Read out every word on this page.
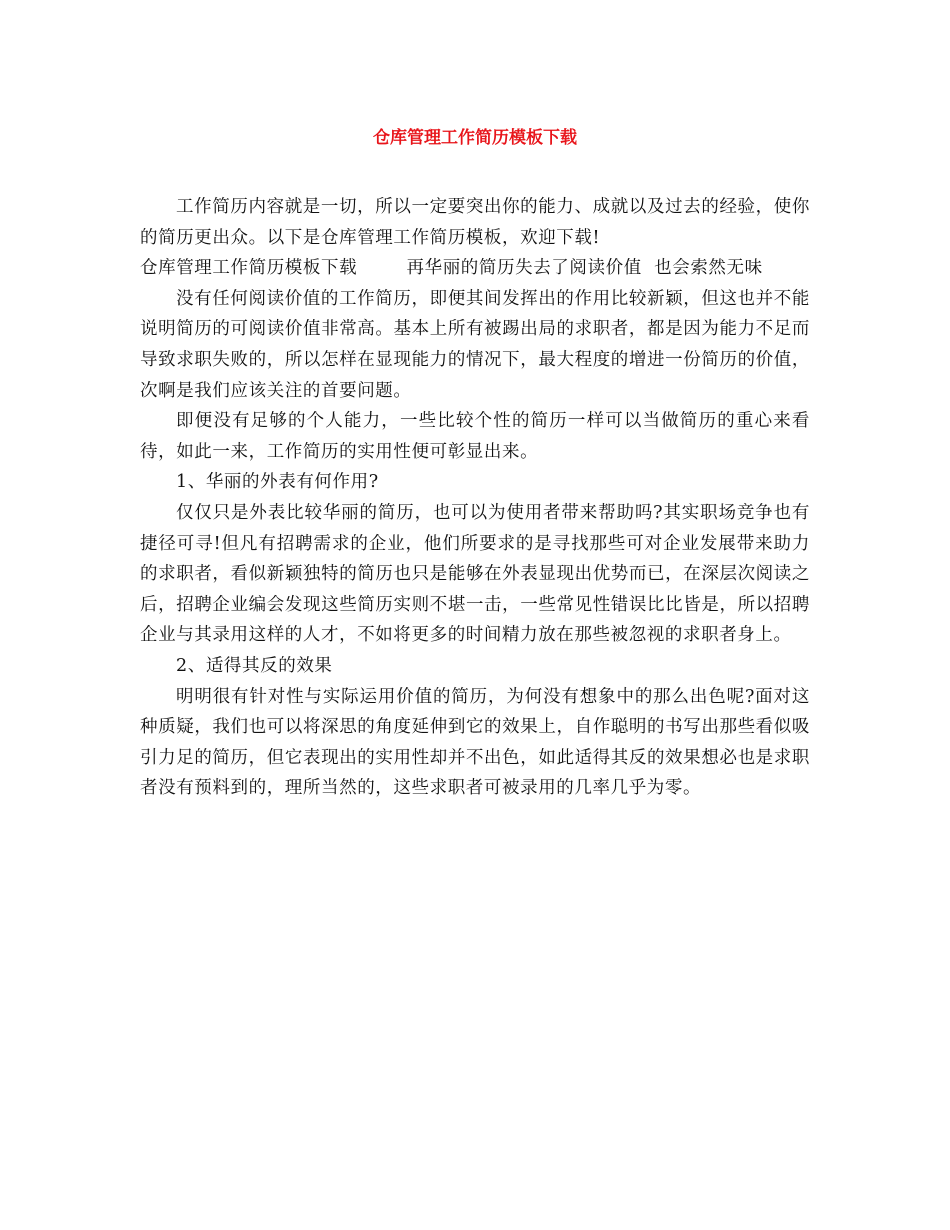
仓库管理工作简历模板下载

工作简历内容就是一切，所以一定要突出你的能力、成就以及过去的经验，使你的简历更出众。以下是仓库管理工作简历模板，欢迎下载!

仓库管理工作简历模板下载        再华丽的简历失去了阅读价值  也会索然无味

没有任何阅读价值的工作简历，即便其间发挥出的作用比较新颖，但这也并不能说明简历的可阅读价值非常高。基本上所有被踢出局的求职者，都是因为能力不足而导致求职失败的，所以怎样在显现能力的情况下，最大程度的增进一份简历的价值，次啊是我们应该关注的首要问题。

即便没有足够的个人能力，一些比较个性的简历一样可以当做简历的重心来看待，如此一来，工作简历的实用性便可彰显出来。

1、华丽的外表有何作用?

仅仅只是外表比较华丽的简历，也可以为使用者带来帮助吗?其实职场竞争也有捷径可寻!但凡有招聘需求的企业，他们所要求的是寻找那些可对企业发展带来助力的求职者，看似新颖独特的简历也只是能够在外表显现出优势而已，在深层次阅读之后，招聘企业编会发现这些简历实则不堪一击，一些常见性错误比比皆是，所以招聘企业与其录用这样的人才，不如将更多的时间精力放在那些被忽视的求职者身上。

2、适得其反的效果

明明很有针对性与实际运用价值的简历，为何没有想象中的那么出色呢?面对这种质疑，我们也可以将深思的角度延伸到它的效果上，自作聪明的书写出那些看似吸引力足的简历，但它表现出的实用性却并不出色，如此适得其反的效果想必也是求职者没有预料到的，理所当然的，这些求职者可被录用的几率几乎为零。
